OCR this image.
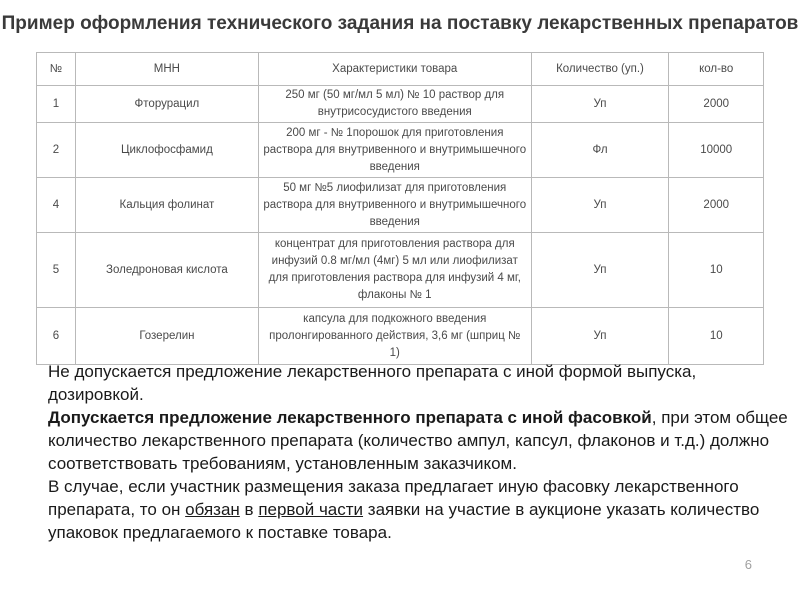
Пример оформления технического задания на поставку лекарственных препаратов
№	МНН	Характеристики товара	Количество (уп.)	кол-во
1	Фторурацил	250 мг (50 мг/мл 5 мл) № 10 раствор для внутрисосудистого введения	Уп	2000
2	Циклофосфамид	200 мг - № 1порошок для приготовления раствора для внутривенного и внутримышечного введения	Фл	10000
4	Кальция фолинат	50 мг №5 лиофилизат для приготовления раствора для внутривенного и внутримышечного введения	Уп	2000
5	Золедроновая кислота	концентрат для приготовления раствора для инфузий 0.8 мг/мл (4мг) 5 мл или лиофилизат для приготовления раствора для инфузий 4 мг, флаконы № 1	Уп	10
6	Гозерелин	капсула для подкожного введения пролонгированного действия, 3,6 мг (шприц № 1)	Уп	10

Не допускается предложение лекарственного препарата с иной формой выпуска, дозировкой.

Допускается предложение лекарственного препарата с иной фасовкой, при этом общее количество лекарственного препарата (количество ампул, капсул, флаконов и т.д.) должно соответствовать требованиям, установленным заказчиком.

В случае, если участник размещения заказа предлагает иную фасовку лекарственного препарата, то он обязан в первой части заявки на участие в аукционе указать количество упаковок предлагаемого к поставке товара.

6
